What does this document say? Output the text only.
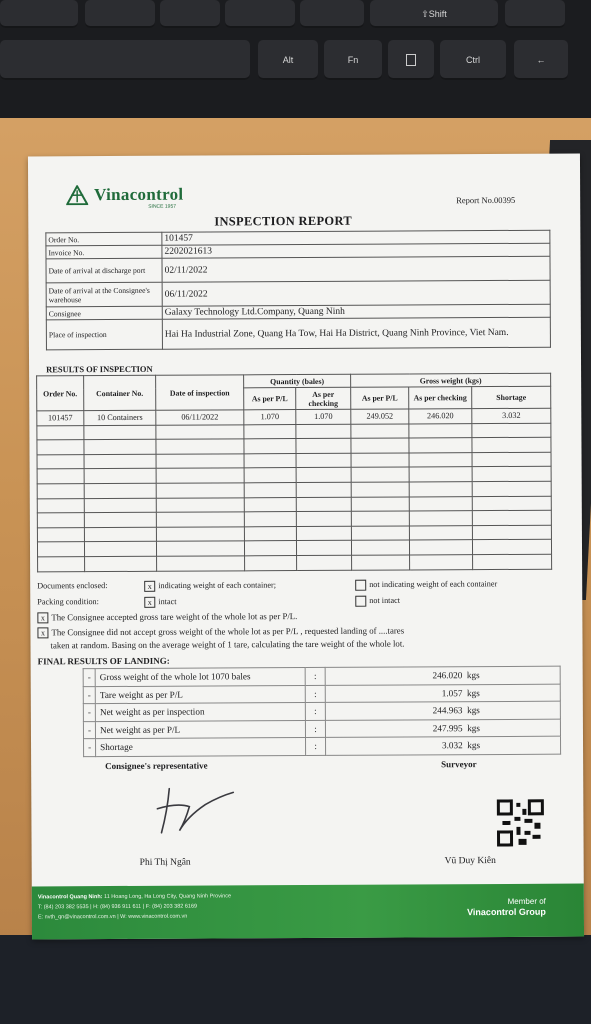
⇧Shift
Alt	Fn	Ctrl	←
Vinacontrol
SINCE 1957
Report No.00395
INSPECTION REPORT
Order No.	101457
Invoice No.	2202021613
Date of arrival at discharge port	02/11/2022
Date of arrival at the Consignee's warehouse	06/11/2022
Consignee	Galaxy Technology Ltd.Company, Quang Ninh
Place of inspection	Hai Ha Industrial Zone, Quang Ha Tow, Hai Ha District, Quang Ninh Province, Viet Nam.
RESULTS OF INSPECTION
Order No.	Container No.	Date of inspection	Quantity (bales)		Gross weight (kgs)		
			As per P/L	As per checking	As per P/L	As per checking	Shortage
101457	10 Containers	06/11/2022	1.070	1.070	249.052	246.020	3.032

Documents enclosed:	x indicating weight of each container;	not indicating weight of each container
Packing condition:	x intact	not intact
x The Consignee accepted gross tare weight of the whole lot as per P/L.
x The Consignee did not accept gross weight of the whole lot as per P/L , requested landing of ....tares
taken at random. Basing on the average weight of 1 tare, calculating the tare weight of the whole lot.
FINAL RESULTS OF LANDING:
-	Gross weight of the whole lot 1070 bales	:	246.020 kgs
-	Tare weight as per P/L	:	1.057 kgs
-	Net weight as per inspection	:	244.963 kgs
-	Net weight as per P/L	:	247.995 kgs
-	Shortage	:	3.032 kgs
Consignee's representative	Surveyor
Phi Thị Ngân	Vũ Duy Kiên
Vinacontrol Quang Ninh: 11 Hoang Long, Ha Long City, Quang Ninh Province
T: (84) 203 382 5535 | H: (84) 936 911 611 | F: (84) 203 382 6169
E: nvth_qn@vinacontrol.com.vn | W: www.vinacontrol.com.vn
Member of
Vinacontrol Group
